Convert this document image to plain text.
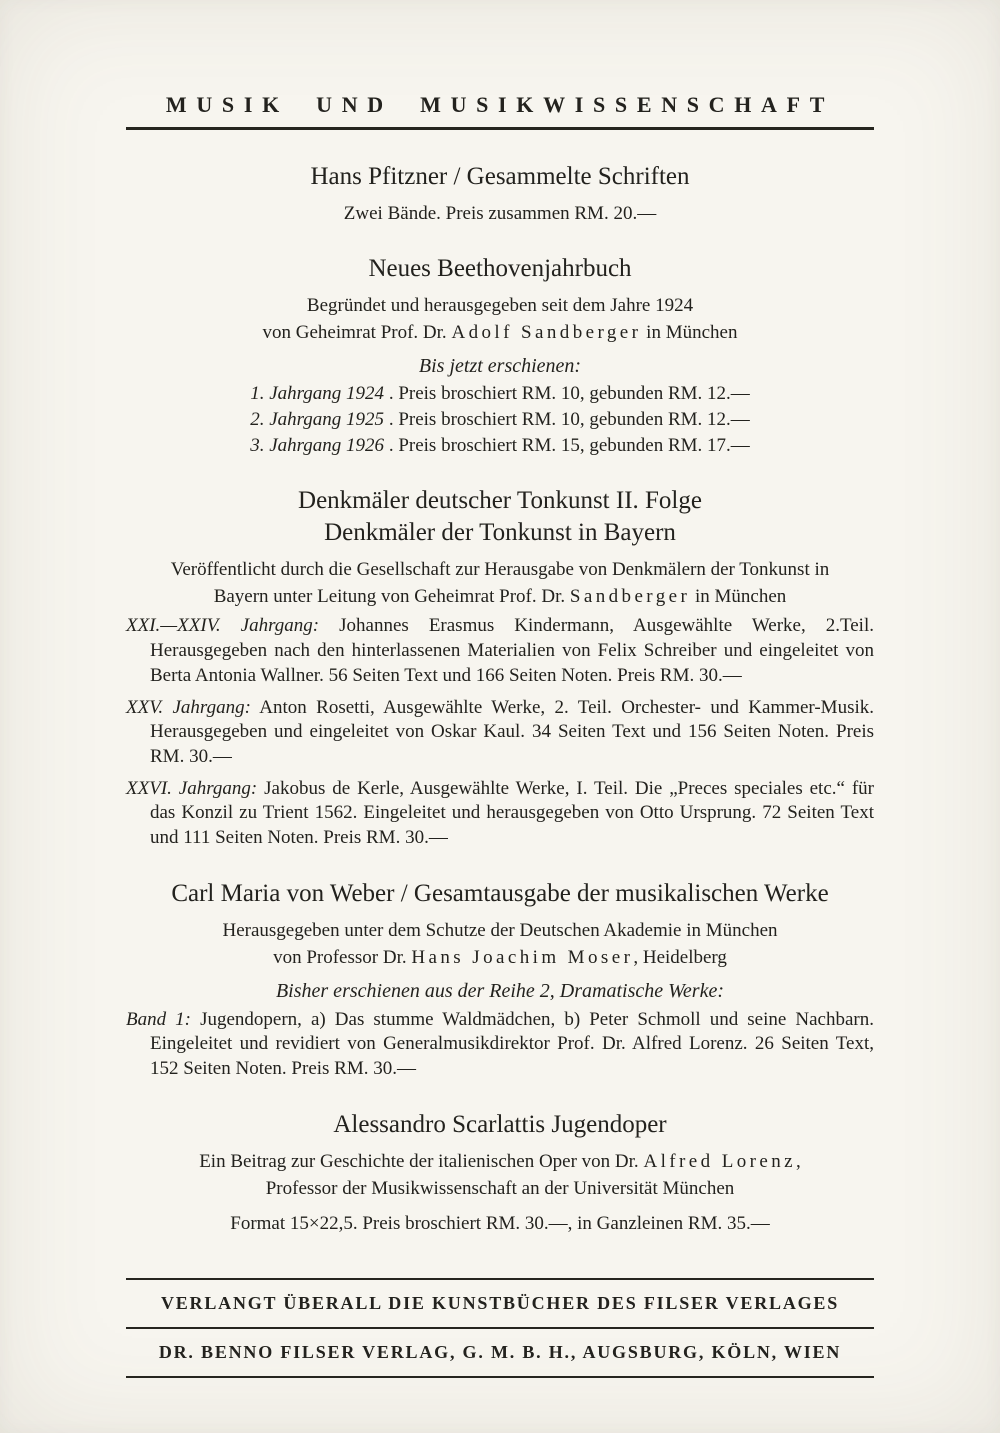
MUSIK UND MUSIKWISSENSCHAFT
Hans Pfitzner / Gesammelte Schriften

Zwei Bände. Preis zusammen RM. 20.—

Neues Beethovenjahrbuch

Begründet und herausgegeben seit dem Jahre 1924

von Geheimrat Prof. Dr. Adolf Sandberger in München

Bis jetzt erschienen:

1. Jahrgang 1924 . Preis broschiert RM. 10, gebunden RM. 12.—

2. Jahrgang 1925 . Preis broschiert RM. 10, gebunden RM. 12.—

3. Jahrgang 1926 . Preis broschiert RM. 15, gebunden RM. 17.—

Denkmäler deutscher Tonkunst II. Folge
Denkmäler der Tonkunst in Bayern

Veröffentlicht durch die Gesellschaft zur Herausgabe von Denkmälern der Tonkunst in

Bayern unter Leitung von Geheimrat Prof. Dr. Sandberger in München

XXI.—XXIV. Jahrgang: Johannes Erasmus Kindermann, Ausgewählte Werke, 2.Teil. Herausgegeben nach den hinterlassenen Materialien von Felix Schreiber und eingeleitet von Berta Antonia Wallner. 56 Seiten Text und 166 Seiten Noten. Preis RM. 30.—

XXV. Jahrgang: Anton Rosetti, Ausgewählte Werke, 2. Teil. Orchester- und Kammer-Musik. Herausgegeben und eingeleitet von Oskar Kaul. 34 Seiten Text und 156 Seiten Noten. Preis RM. 30.—

XXVI. Jahrgang: Jakobus de Kerle, Ausgewählte Werke, I. Teil. Die „Preces speciales etc.“ für das Konzil zu Trient 1562. Eingeleitet und herausgegeben von Otto Ursprung. 72 Seiten Text und 111 Seiten Noten. Preis RM. 30.—

Carl Maria von Weber / Gesamtausgabe der musikalischen Werke

Herausgegeben unter dem Schutze der Deutschen Akademie in München

von Professor Dr. Hans Joachim Moser, Heidelberg

Bisher erschienen aus der Reihe 2, Dramatische Werke:

Band 1: Jugendopern, a) Das stumme Waldmädchen, b) Peter Schmoll und seine Nachbarn. Eingeleitet und revidiert von Generalmusikdirektor Prof. Dr. Alfred Lorenz. 26 Seiten Text, 152 Seiten Noten. Preis RM. 30.—

Alessandro Scarlattis Jugendoper

Ein Beitrag zur Geschichte der italienischen Oper von Dr. Alfred Lorenz,

Professor der Musikwissenschaft an der Universität München

Format 15×22,5. Preis broschiert RM. 30.—, in Ganzleinen RM. 35.—

VERLANGT ÜBERALL DIE KUNSTBÜCHER DES FILSER VERLAGES

DR. BENNO FILSER VERLAG, G. M. B. H., AUGSBURG, KÖLN, WIEN
